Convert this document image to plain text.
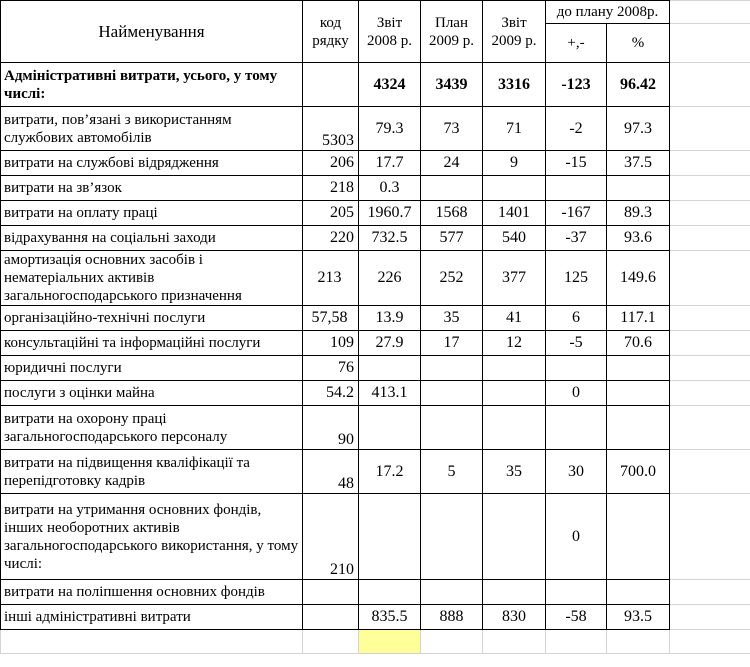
Найменування	код рядку	Звіт 2008 р.	План 2009 р.	Звіт 2009 р.	до плану 2008р.		
					+,-	%	
Адміністративні витрати, усього, у тому числі:		4324	3439	3316	-123	96.42	
витрати, пов’язані з використанням службових автомобілів	5303	79.3	73	71	-2	97.3	
витрати на службові відрядження	206	17.7	24	9	-15	37.5	
витрати на зв’язок	218	0.3					
витрати на оплату праці	205	1960.7	1568	1401	-167	89.3	
відрахування на соціальні заходи	220	732.5	577	540	-37	93.6	
амортизація основних засобів і нематеріальних активів загальногосподарського призначення	213	226	252	377	125	149.6	
організаційно-технічні послуги	57,58	13.9	35	41	6	117.1	
консультаційні та інформаційні послуги	109	27.9	17	12	-5	70.6	
юридичні послуги	76						
послуги з оцінки майна	54.2	413.1			0		
витрати на охорону праці загальногосподарського персоналу	90						
витрати на підвищення кваліфікації та перепідготовку кадрів	48	17.2	5	35	30	700.0	
витрати на утримання основних фондів, інших необоротних активів загальногосподарського використання, у тому числі:	210				0		
витрати на поліпшення основних фондів							
інші адміністративні витрати		835.5	888	830	-58	93.5	
